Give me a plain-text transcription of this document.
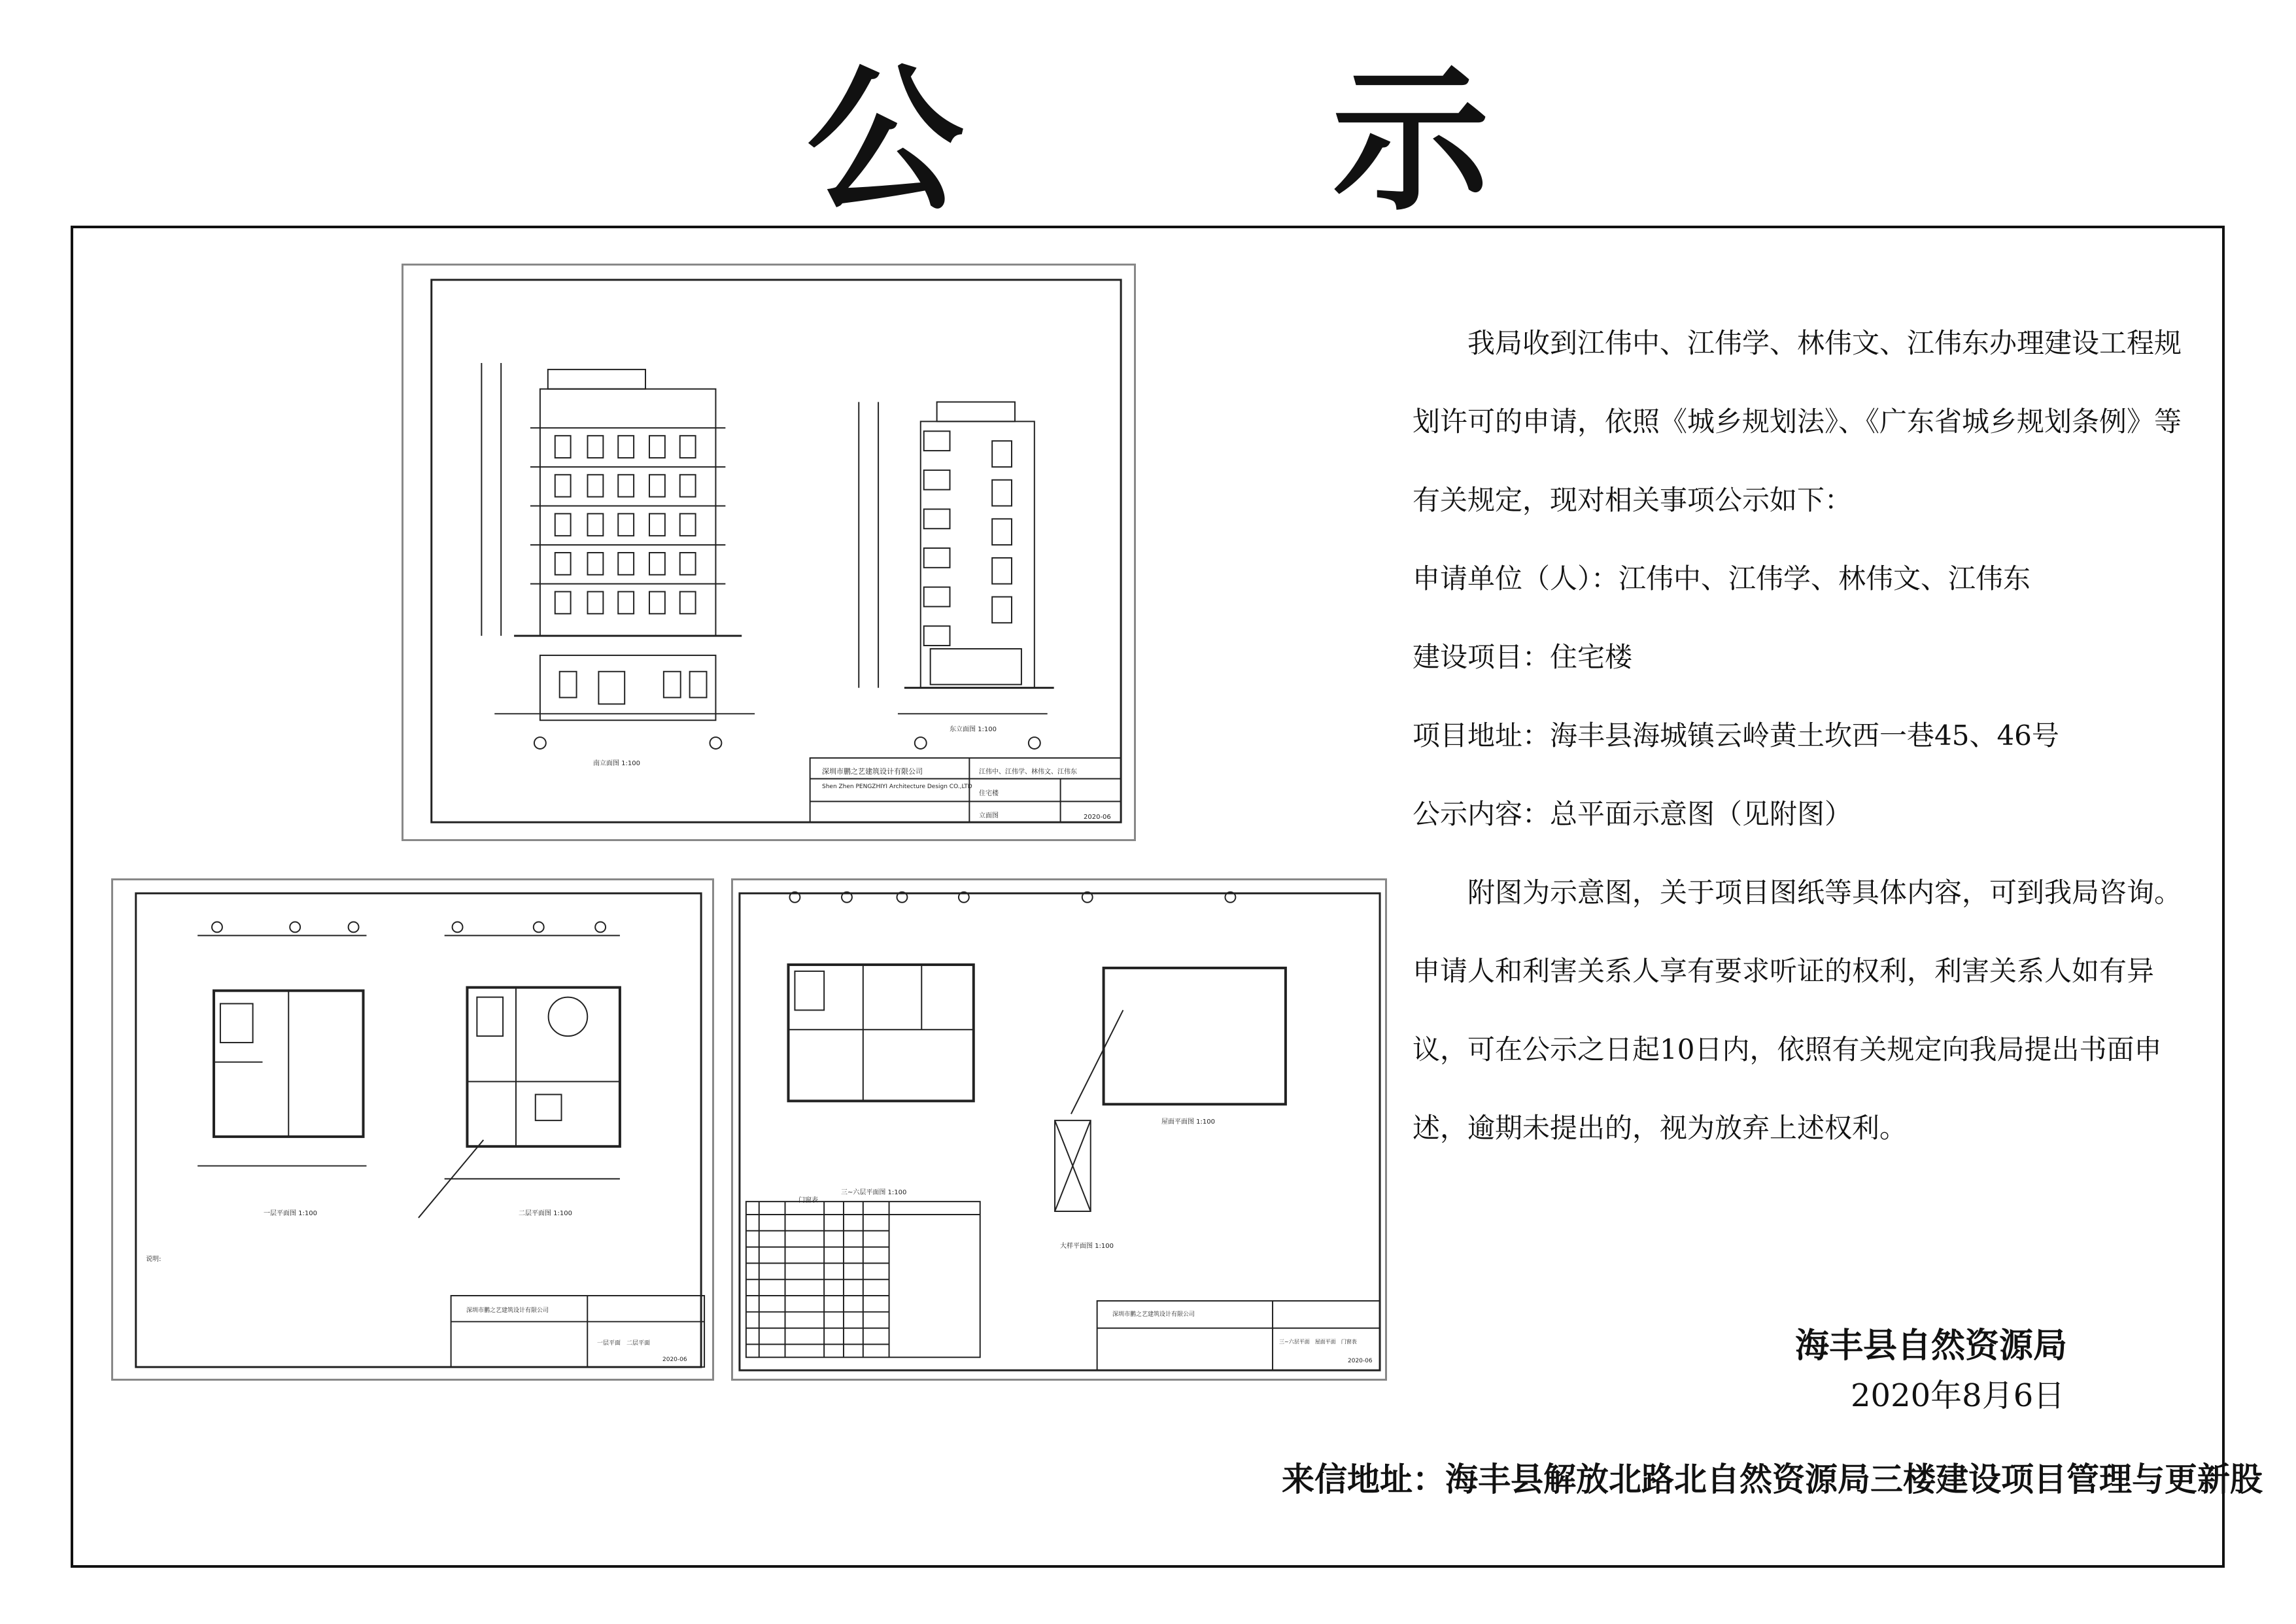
公 示
南立面图 1:100
东立面图 1:100
深圳市鹏之艺建筑设计有限公司
Shen Zhen PENGZHIYI Architecture Design CO.,LTD
江伟中、江伟学、林伟文、江伟东
住宅楼
立面图	2020-06
一层平面图 1:100	二层平面图 1:100
说明:
深圳市鹏之艺建筑设计有限公司
一层平面　二层平面
2020-06
三~六层平面图 1:100
屋面平面图 1:100
大样平面图 1:100
门窗表
深圳市鹏之艺建筑设计有限公司
三~六层平面　屋面平面　门窗表
2020-06

我局收到江伟中、江伟学、林伟文、江伟东办理建设工程规划许可的申请，依照《城乡规划法》、《广东省城乡规划条例》等有关规定，现对相关事项公示如下：

申请单位（人）：江伟中、江伟学、林伟文、江伟东

建设项目：住宅楼

项目地址：海丰县海城镇云岭黄土坎西一巷45、46号

公示内容：总平面示意图（见附图）

附图为示意图，关于项目图纸等具体内容，可到我局咨询。申请人和利害关系人享有要求听证的权利，利害关系人如有异议，可在公示之日起10日内，依照有关规定向我局提出书面申述，逾期未提出的，视为放弃上述权利。

海丰县自然资源局
2020年8月6日
来信地址：海丰县解放北路北自然资源局三楼建设项目管理与更新股
